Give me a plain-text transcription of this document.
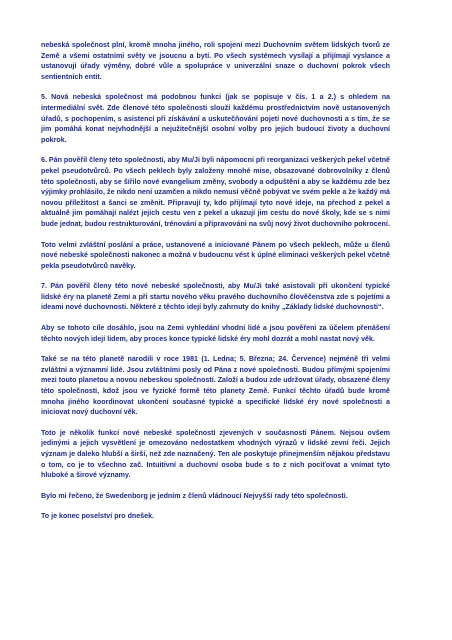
nebeská společnost plní, kromě mnoha jiného, roli spojení mezi Duchovním světem lidských tvorů ze Země a všemi ostatními světy ve jsoucnu a bytí. Po všech systémech vysílají a přijímají vyslance a ustanovují úřady výměny, dobré vůle a spolupráce v univerzální snaze o duchovní pokrok všech sentientních entit.

5. Nová nebeská společnost má podobnou funkci (jak se popisuje v čís. 1 a 2.) s ohledem na intermediální svět. Zde členové této společnosti slouží každému prostřednictvím nově ustanovených úřadů, s pochopením, s asistencí při získávání a uskutečňování pojetí nové duchovnosti a s tím, že se jim pomáhá konat nejvhodnější a nejužitečnější osobní volby pro jejich budoucí životy a duchovní pokrok.

6. Pán pověřil členy této společnosti, aby Mu/Ji byli nápomocni při reorganizaci veškerých pekel včetně pekel pseudotvůrců. Po všech peklech byly založeny mnohé mise, obsazované dobrovolníky z členů této společnosti, aby se šířilo nové evangelium změny, svobody a odpuštění a aby se každému zde bez výjimky prohlásilo, že nikdo není uzamčen a nikdo nemusí věčně pobývat ve svém pekle a že každý má novou příležitost a šanci se změnit. Připravují ty, kdo přijímají tyto nové ideje, na přechod z pekel a aktuálně jim pomáhají nalézt jejich cestu ven z pekel a ukazují jim cestu do nové školy, kde se s nimi bude jednat, budou restrukturování, trénování a připravováni na svůj nový život duchovního pokrocení.

Toto velmi zvláštní poslání a práce, ustanovené a iniciované Pánem po všech peklech, může u členů nové nebeské společnosti nakonec a možná v budoucnu vést k úplné eliminaci veškerých pekel včetně pekla pseudotvůrců navěky.

7. Pán pověřil členy této nové nebeské společnosti, aby Mu/Ji také asistovali při ukončení typické lidské éry na planetě Zemi a při startu nového věku pravého duchovního člověčenstva zde s pojetími a ideami nové duchovnosti. Některé z těchto idejí byly zahrnuty do knihy „Základy lidské duchovnosti“.

Aby se tohoto cíle dosáhlo, jsou na Zemi vyhledání vhodní lidé a jsou pověřeni za účelem přenášení těchto nových idejí lidem, aby proces konce typické lidské éry mohl dozrát a mohl nastat nový věk.

Také se na této planetě narodili v roce 1981 (1. Ledna; 5. Března; 24. Července) nejméně tři velmi zvláštní a významní lidé. Jsou zvláštními posly od Pána z nové společnosti. Budou přímými spojeními mezi touto planetou a novou nebeskou společností. Založí a budou zde udržovat úřady, obsazené členy této společnosti, kdož jsou ve fyzické formě této planety Země. Funkcí těchto úřadů bude kromě mnoha jiného koordinovat ukončení současné typické a specifické lidské éry nové společnosti a iniciovat nový duchovní věk.

Toto je několik funkcí nové nebeské společnosti zjevených v současnosti Pánem. Nejsou ovšem jedinými a jejich vysvětlení je omezováno nedostatkem vhodných výrazů v lidské zevní řeči. Jejich význam je daleko hlubší a širší, než zde naznačený. Ten ale poskytuje přinejmenším nějakou představu o tom, co je to všechno zač. Intuitivní a duchovní osoba bude s to z nich pociťovat a vnímat tyto hluboké a širové významy.

Bylo mi řečeno, že Swedenborg je jedním z členů vládnoucí Nejvyšší rady této společnosti.

To je konec poselství pro dnešek.
